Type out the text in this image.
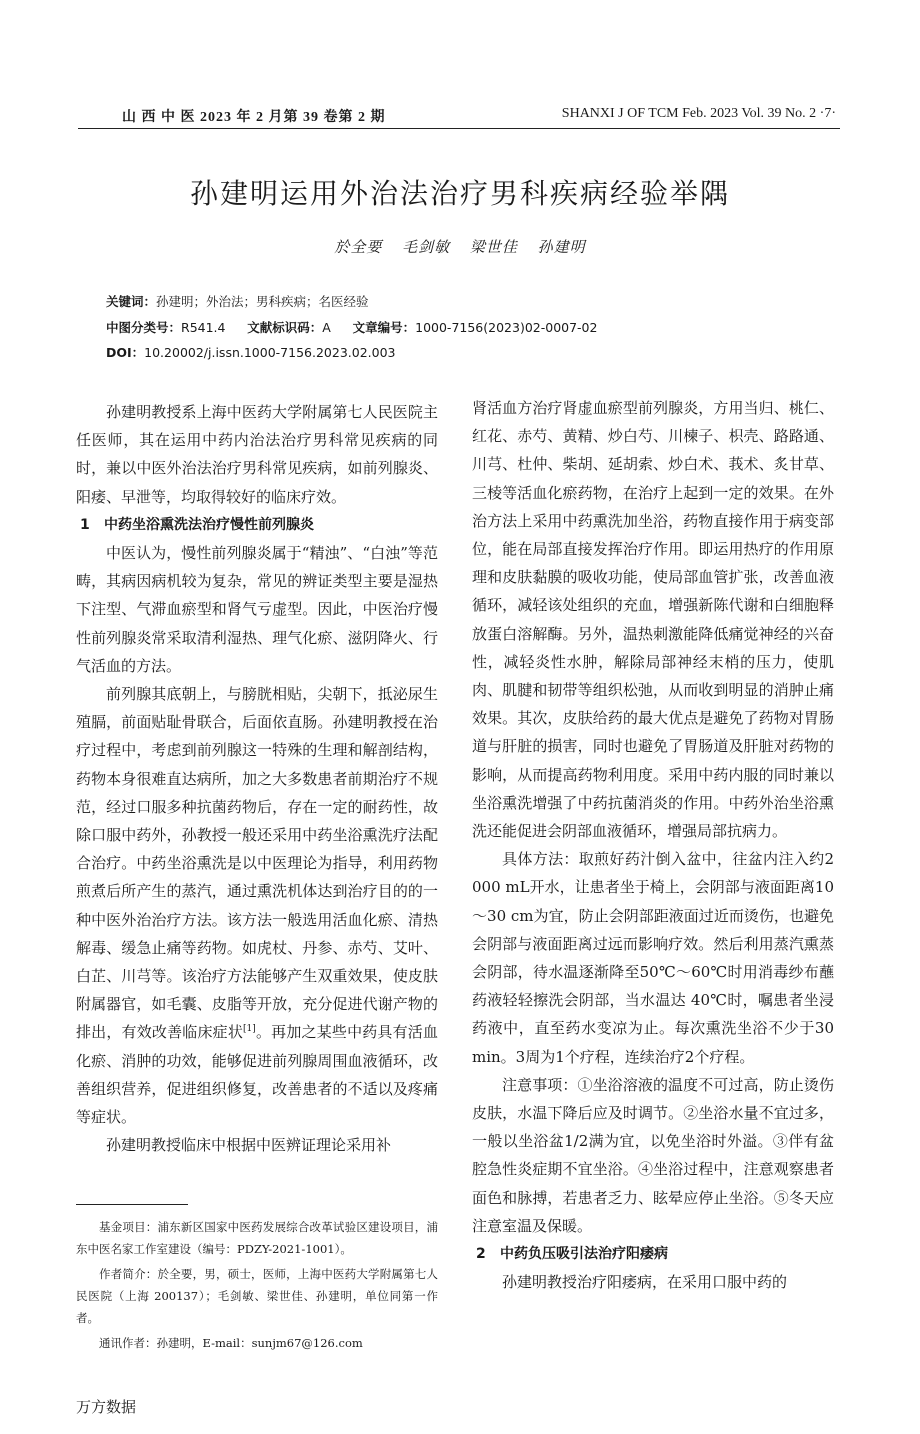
山 西 中 医 2023 年 2 月第 39 卷第 2 期	SHANXI J OF TCM Feb. 2023 Vol. 39 No. 2 ·7·
孙建明运用外治法治疗男科疾病经验举隅
於全要 毛剑敏 梁世佳 孙建明
关键词：孙建明；外治法；男科疾病；名医经验
中图分类号：R541.4 文献标识码：A 文章编号：1000-7156(2023)02-0007-02
DOI：10.20002/j.issn.1000-7156.2023.02.003

孙建明教授系上海中医药大学附属第七人民医院主任医师，其在运用中药内治法治疗男科常见疾病的同时，兼以中医外治法治疗男科常见疾病，如前列腺炎、阳痿、早泄等，均取得较好的临床疗效。

1 中药坐浴熏洗法治疗慢性前列腺炎

中医认为，慢性前列腺炎属于“精浊”、“白浊”等范畴，其病因病机较为复杂，常见的辨证类型主要是湿热下注型、气滞血瘀型和肾气亏虚型。因此，中医治疗慢性前列腺炎常采取清利湿热、理气化瘀、滋阴降火、行气活血的方法。

前列腺其底朝上，与膀胱相贴，尖朝下，抵泌尿生殖膈，前面贴耻骨联合，后面依直肠。孙建明教授在治疗过程中，考虑到前列腺这一特殊的生理和解剖结构，药物本身很难直达病所，加之大多数患者前期治疗不规范，经过口服多种抗菌药物后，存在一定的耐药性，故除口服中药外，孙教授一般还采用中药坐浴熏洗疗法配合治疗。中药坐浴熏洗是以中医理论为指导，利用药物煎煮后所产生的蒸汽，通过熏洗机体达到治疗目的的一种中医外治治疗方法。该方法一般选用活血化瘀、清热解毒、缓急止痛等药物。如虎杖、丹参、赤芍、艾叶、白芷、川芎等。该治疗方法能够产生双重效果，使皮肤附属器官，如毛囊、皮脂等开放，充分促进代谢产物的排出，有效改善临床症状[1]。再加之某些中药具有活血化瘀、消肿的功效，能够促进前列腺周围血液循环，改善组织营养，促进组织修复，改善患者的不适以及疼痛等症状。

孙建明教授临床中根据中医辨证理论采用补

基金项目：浦东新区国家中医药发展综合改革试验区建设项目，浦东中医名家工作室建设（编号：PDZY-2021-1001）。

作者简介：於全要，男，硕士，医师，上海中医药大学附属第七人民医院（上海 200137）；毛剑敏、梁世佳、孙建明，单位同第一作者。

通讯作者：孙建明，E-mail：sunjm67@126.com

肾活血方治疗肾虚血瘀型前列腺炎，方用当归、桃仁、红花、赤芍、黄精、炒白芍、川楝子、枳壳、路路通、川芎、杜仲、柴胡、延胡索、炒白术、莪术、炙甘草、三棱等活血化瘀药物，在治疗上起到一定的效果。在外治方法上采用中药熏洗加坐浴，药物直接作用于病变部位，能在局部直接发挥治疗作用。即运用热疗的作用原理和皮肤黏膜的吸收功能，使局部血管扩张，改善血液循环，减轻该处组织的充血，增强新陈代谢和白细胞释放蛋白溶解酶。另外，温热刺激能降低痛觉神经的兴奋性，减轻炎性水肿，解除局部神经末梢的压力，使肌肉、肌腱和韧带等组织松弛，从而收到明显的消肿止痛效果。其次，皮肤给药的最大优点是避免了药物对胃肠道与肝脏的损害，同时也避免了胃肠道及肝脏对药物的影响，从而提高药物利用度。采用中药内服的同时兼以坐浴熏洗增强了中药抗菌消炎的作用。中药外治坐浴熏洗还能促进会阴部血液循环，增强局部抗病力。

具体方法：取煎好药汁倒入盆中，往盆内注入约2 000 mL开水，让患者坐于椅上，会阴部与液面距离10～30 cm为宜，防止会阴部距液面过近而烫伤，也避免会阴部与液面距离过远而影响疗效。然后利用蒸汽熏蒸会阴部，待水温逐渐降至50℃～60℃时用消毒纱布蘸药液轻轻擦洗会阴部，当水温达 40℃时，嘱患者坐浸药液中，直至药水变凉为止。每次熏洗坐浴不少于30 min。3周为1个疗程，连续治疗2个疗程。

注意事项：①坐浴溶液的温度不可过高，防止烫伤皮肤，水温下降后应及时调节。②坐浴水量不宜过多，一般以坐浴盆1/2满为宜，以免坐浴时外溢。③伴有盆腔急性炎症期不宜坐浴。④坐浴过程中，注意观察患者面色和脉搏，若患者乏力、眩晕应停止坐浴。⑤冬天应注意室温及保暖。

2 中药负压吸引法治疗阳痿病

孙建明教授治疗阳痿病，在采用口服中药的

万方数据
